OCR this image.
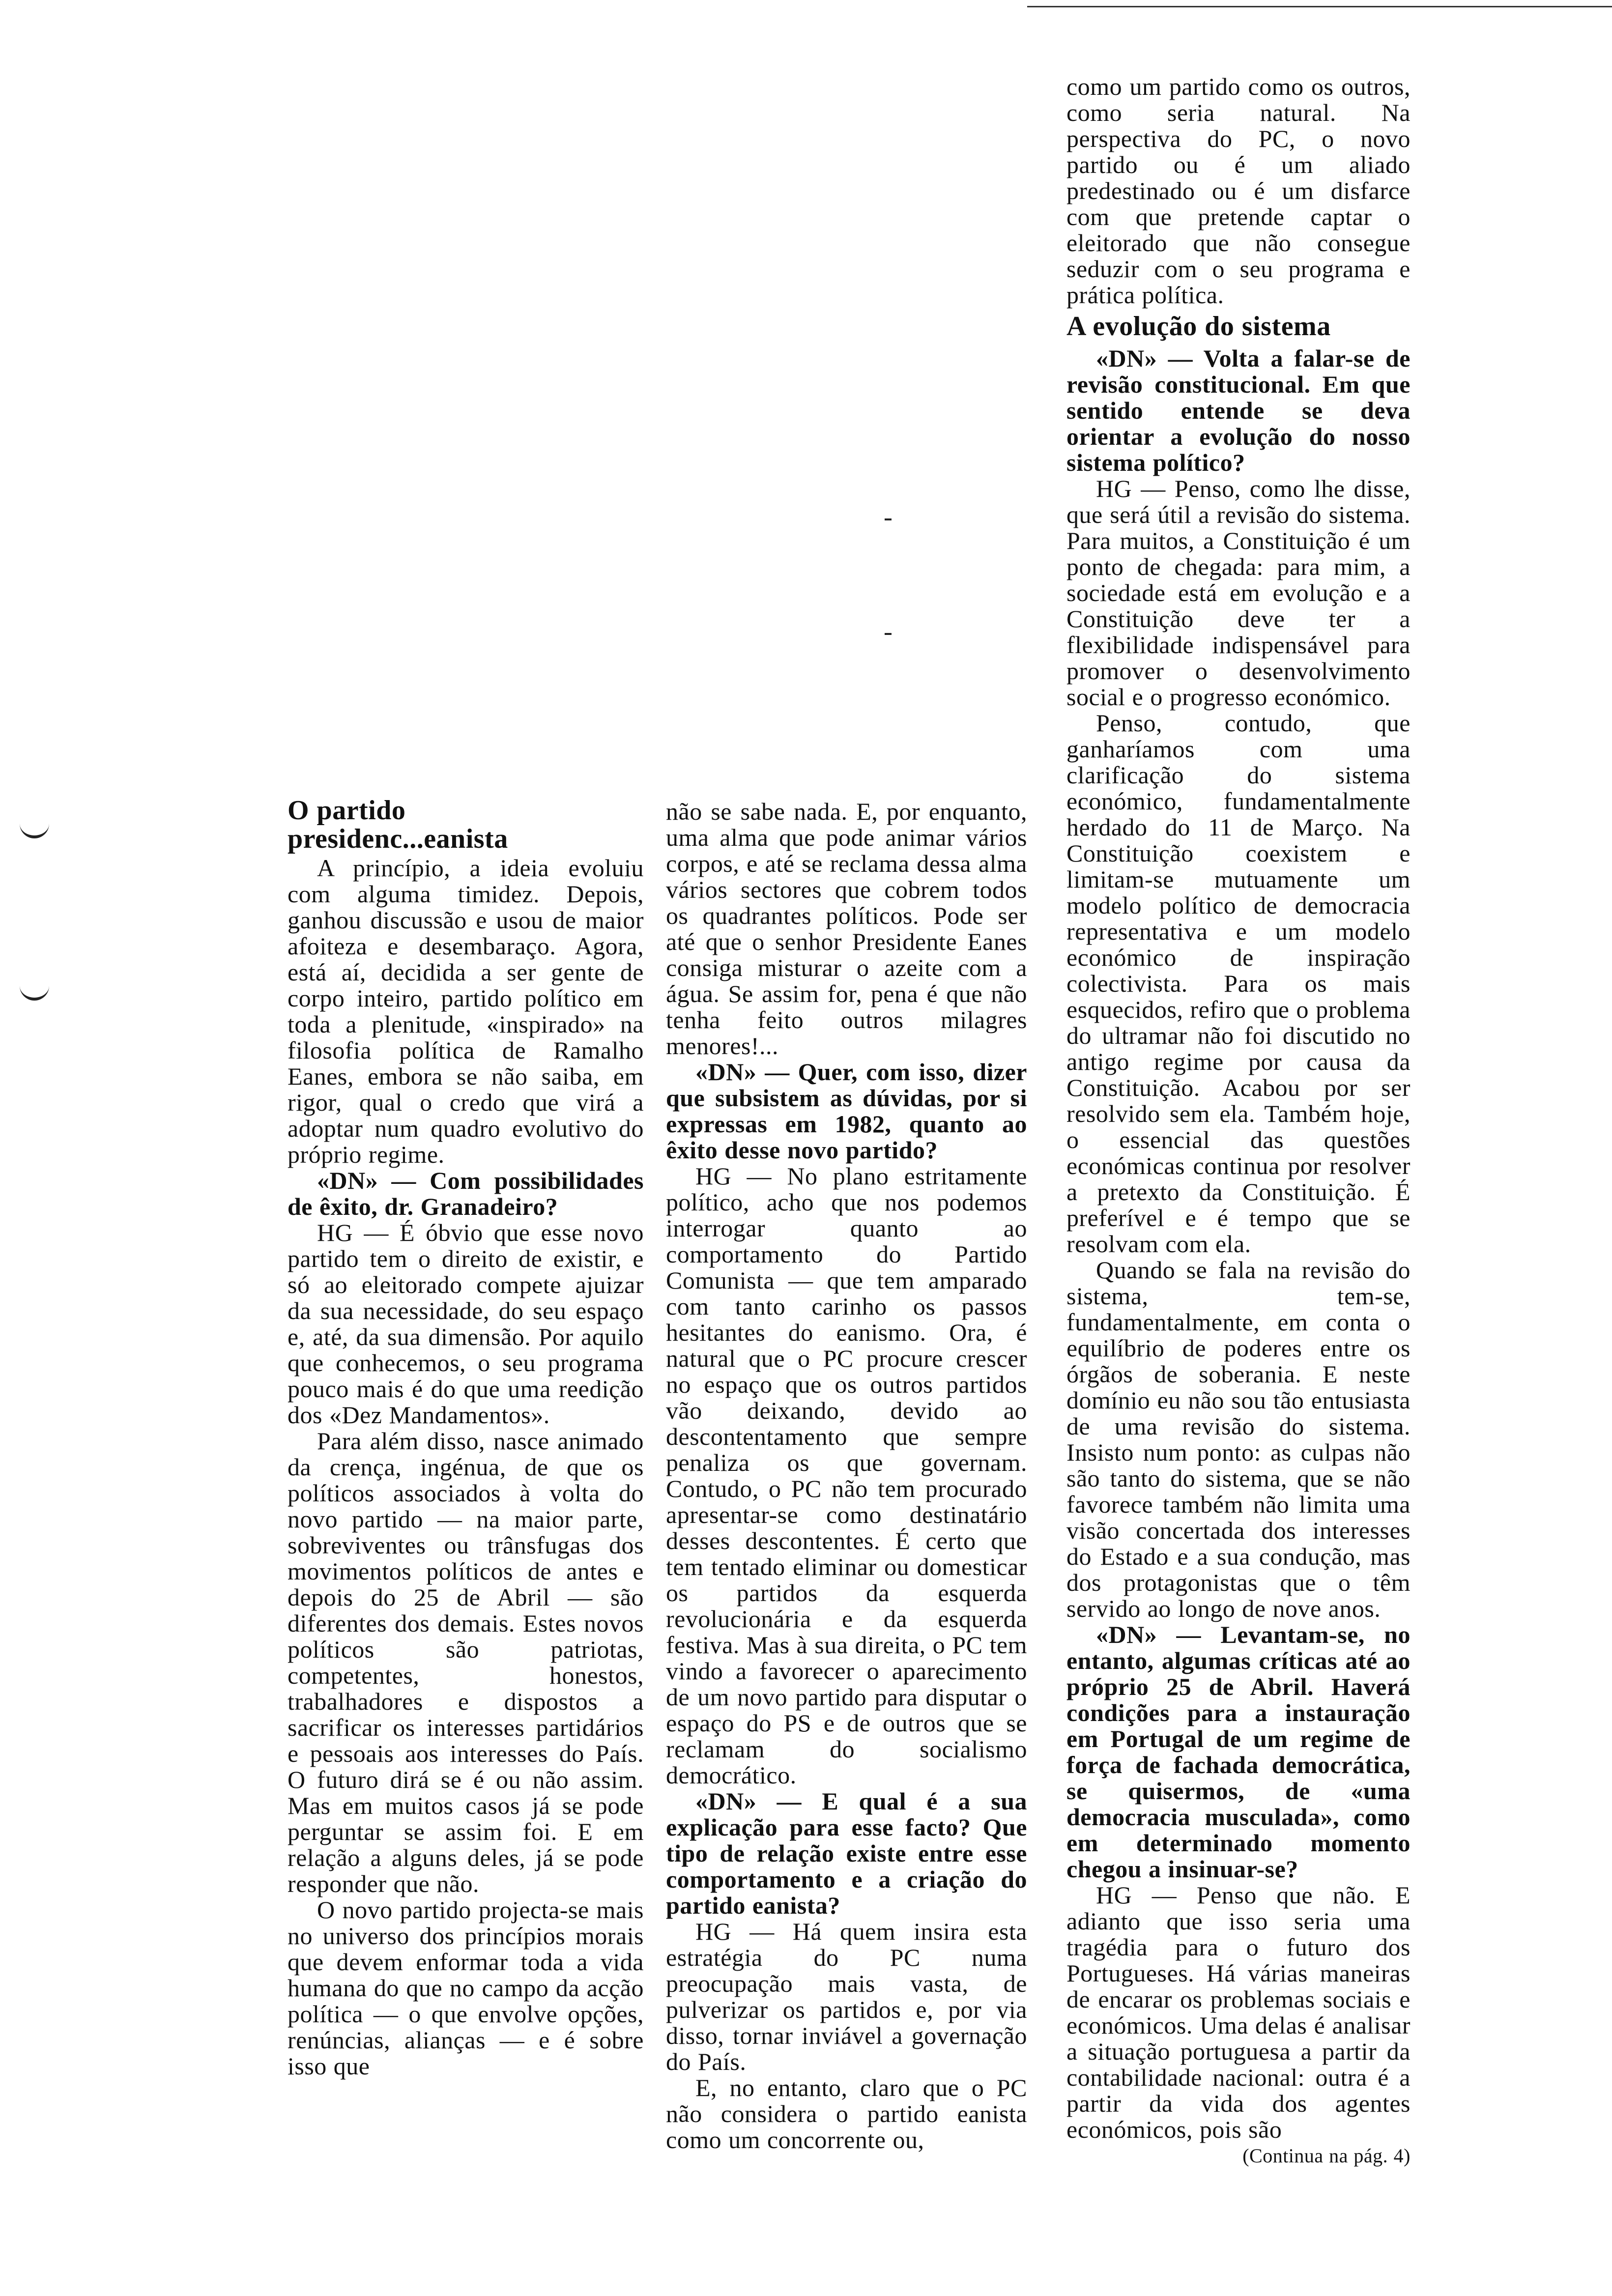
O partido
presidenc...eanista

A princípio, a ideia evoluiu com alguma timidez. Depois, ganhou discussão e usou de maior afoiteza e desembaraço. Agora, está aí, decidida a ser gente de corpo inteiro, partido político em toda a plenitude, «inspirado» na filosofia política de Ramalho Eanes, embora se não saiba, em rigor, qual o credo que virá a adoptar num quadro evolutivo do próprio regime.

«DN» — Com possibilidades de êxito, dr. Granadeiro?

HG — É óbvio que esse novo partido tem o direito de existir, e só ao eleitorado compete ajuizar da sua necessidade, do seu espaço e, até, da sua dimensão. Por aquilo que conhecemos, o seu programa pouco mais é do que uma reedição dos «Dez Mandamentos».

Para além disso, nasce animado da crença, ingénua, de que os políticos associados à volta do novo partido — na maior parte, sobreviventes ou trânsfugas dos movimentos políticos de antes e depois do 25 de Abril — são diferentes dos demais. Estes novos políticos são patriotas, competentes, honestos, trabalhadores e dispostos a sacrificar os interesses partidários e pessoais aos interesses do País. O futuro dirá se é ou não assim. Mas em muitos casos já se pode perguntar se assim foi. E em relação a alguns deles, já se pode responder que não.

O novo partido projecta-se mais no universo dos princípios morais que devem enformar toda a vida humana do que no campo da acção política — o que envolve opções, renúncias, alianças — e é sobre isso que

não se sabe nada. E, por enquanto, uma alma que pode animar vários corpos, e até se reclama dessa alma vários sectores que cobrem todos os quadrantes políticos. Pode ser até que o senhor Presidente Eanes consiga misturar o azeite com a água. Se assim for, pena é que não tenha feito outros milagres menores!...

«DN» — Quer, com isso, dizer que subsistem as dúvidas, por si expressas em 1982, quanto ao êxito desse novo partido?

HG — No plano estritamente político, acho que nos podemos interrogar quanto ao comportamento do Partido Comunista — que tem amparado com tanto carinho os passos hesitantes do eanismo. Ora, é natural que o PC procure crescer no espaço que os outros partidos vão deixando, devido ao descontentamento que sempre penaliza os que governam. Contudo, o PC não tem procurado apresentar-se como destinatário desses descontentes. É certo que tem tentado eliminar ou domesticar os partidos da esquerda revolucionária e da esquerda festiva. Mas à sua direita, o PC tem vindo a favorecer o aparecimento de um novo partido para disputar o espaço do PS e de outros que se reclamam do socialismo democrático.

«DN» — E qual é a sua explicação para esse facto? Que tipo de relação existe entre esse comportamento e a criação do partido eanista?

HG — Há quem insira esta estratégia do PC numa preocupação mais vasta, de pulverizar os partidos e, por via disso, tornar inviável a governação do País.

E, no entanto, claro que o PC não considera o partido eanista como um concorrente ou,

como um partido como os outros, como seria natural. Na perspectiva do PC, o novo partido ou é um aliado predestinado ou é um disfarce com que pretende captar o eleitorado que não consegue seduzir com o seu programa e prática política.

A evolução do sistema

«DN» — Volta a falar-se de revisão constitucional. Em que sentido entende se deva orientar a evolução do nosso sistema político?

HG — Penso, como lhe disse, que será útil a revisão do sistema. Para muitos, a Constituição é um ponto de chegada: para mim, a sociedade está em evolução e a Constituição deve ter a flexibilidade indispensável para promover o desenvolvimento social e o progresso económico.

Penso, contudo, que ganharíamos com uma clarificação do sistema económico, fundamentalmente herdado do 11 de Março. Na Constituição coexistem e limitam-se mutuamente um modelo político de democracia representativa e um modelo económico de inspiração colectivista. Para os mais esquecidos, refiro que o problema do ultramar não foi discutido no antigo regime por causa da Constituição. Acabou por ser resolvido sem ela. Também hoje, o essencial das questões económicas continua por resolver a pretexto da Constituição. É preferível e é tempo que se resolvam com ela.

Quando se fala na revisão do sistema, tem-se, fundamentalmente, em conta o equilíbrio de poderes entre os órgãos de soberania. E neste domínio eu não sou tão entusiasta de uma revisão do sistema. Insisto num ponto: as culpas não são tanto do sistema, que se não favorece também não limita uma visão concertada dos interesses do Estado e a sua condução, mas dos protagonistas que o têm servido ao longo de nove anos.

«DN» — Levantam-se, no entanto, algumas críticas até ao próprio 25 de Abril. Haverá condições para a instauração em Portugal de um regime de força de fachada democrática, se quisermos, de «uma democracia musculada», como em determinado momento chegou a insinuar-se?

HG — Penso que não. E adianto que isso seria uma tragédia para o futuro dos Portugueses. Há várias maneiras de encarar os problemas sociais e económicos. Uma delas é analisar a situação portuguesa a partir da contabilidade nacional: outra é a partir da vida dos agentes económicos, pois são

(Continua na pág. 4)
